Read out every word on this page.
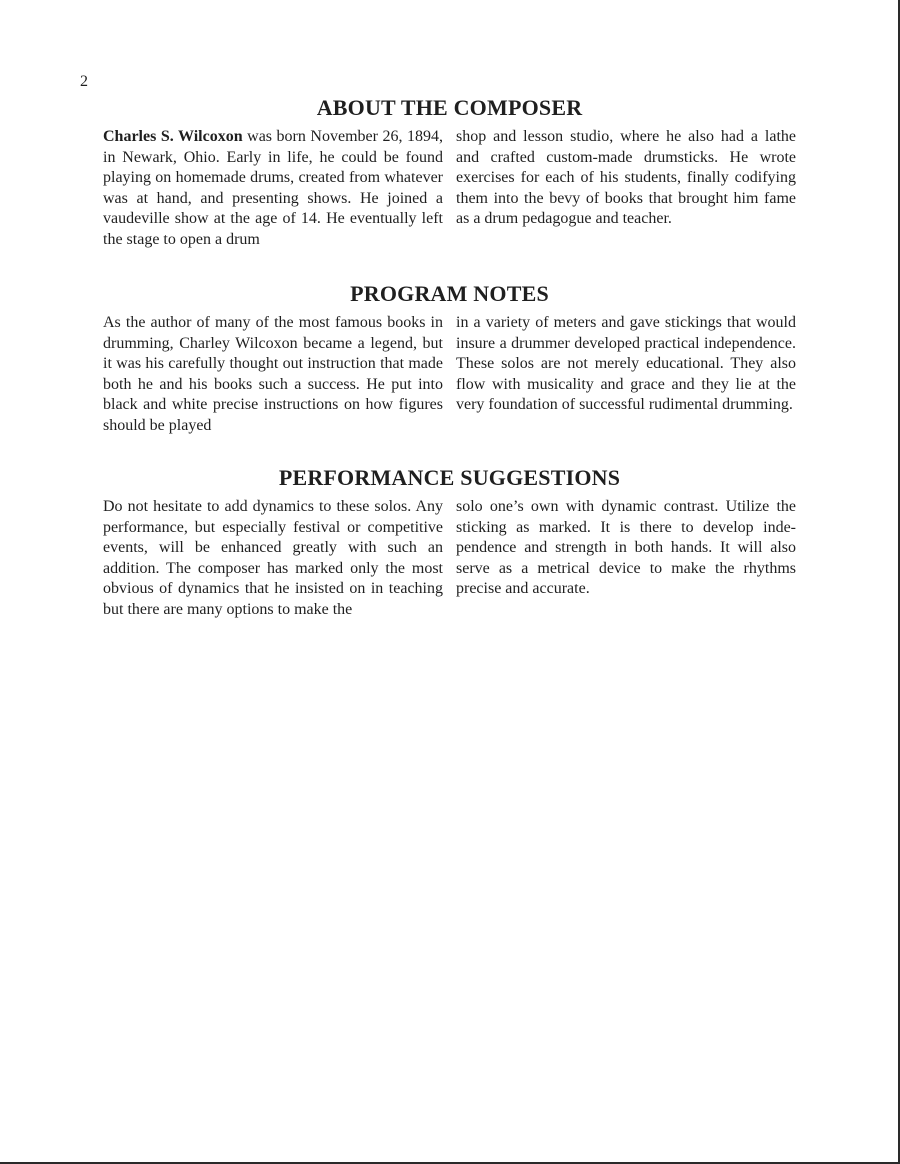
2
ABOUT THE COMPOSER

Charles S. Wilcoxon was born November 26, 1894, in Newark, Ohio. Early in life, he could be found playing on homemade drums, created from whatever was at hand, and presenting shows. He joined a vaudeville show at the age of 14. He eventually left the stage to open a drum

shop and lesson studio, where he also had a lathe and crafted custom-made drumsticks. He wrote exercises for each of his students, finally codifying them into the bevy of books that brought him fame as a drum pedagogue and teacher.

PROGRAM NOTES

As the author of many of the most famous books in drumming, Charley Wilcoxon became a legend, but it was his carefully thought out instruction that made both he and his books such a success. He put into black and white precise instructions on how figures should be played

in a variety of meters and gave stickings that would insure a drummer developed practical independence. These solos are not merely educational. They also flow with musicality and grace and they lie at the very foundation of successful rudimental drumming.

PERFORMANCE SUGGESTIONS

Do not hesitate to add dynamics to these solos. Any performance, but especially festival or competitive events, will be enhanced greatly with such an addition. The composer has marked only the most obvious of dynamics that he insisted on in teaching but there are many options to make the

solo one’s own with dynamic contrast. Utilize the sticking as marked. It is there to develop independence and strength in both hands. It will also serve as a metrical device to make the rhythms precise and accurate.
